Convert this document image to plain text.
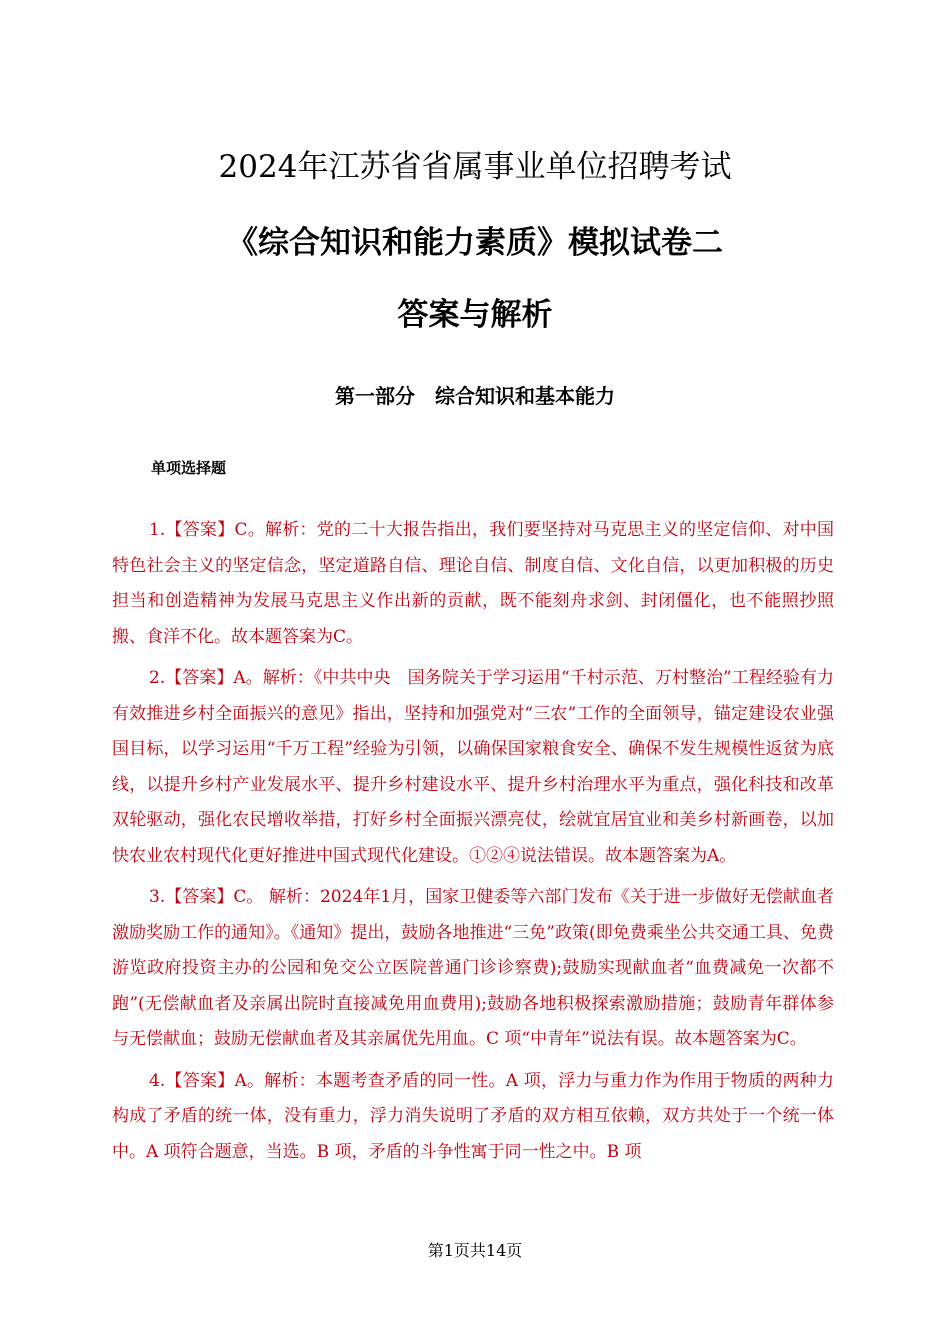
2024年江苏省省属事业单位招聘考试
《综合知识和能力素质》模拟试卷二
答案与解析
第一部分　综合知识和基本能力
单项选择题

1.【答案】C。解析：党的二十大报告指出，我们要坚持对马克思主义的坚定信仰、对中国特色社会主义的坚定信念，坚定道路自信、理论自信、制度自信、文化自信，以更加积极的历史担当和创造精神为发展马克思主义作出新的贡献，既不能刻舟求剑、封闭僵化，也不能照抄照搬、食洋不化。故本题答案为C。

2.【答案】A。解析：《中共中央　国务院关于学习运用“千村示范、万村整治”工程经验有力有效推进乡村全面振兴的意见》指出，坚持和加强党对“三农”工作的全面领导，锚定建设农业强国目标，以学习运用“千万工程”经验为引领，以确保国家粮食安全、确保不发生规模性返贫为底线，以提升乡村产业发展水平、提升乡村建设水平、提升乡村治理水平为重点，强化科技和改革双轮驱动，强化农民增收举措，打好乡村全面振兴漂亮仗，绘就宜居宜业和美乡村新画卷，以加快农业农村现代化更好推进中国式现代化建设。①②④说法错误。故本题答案为A。

3.【答案】C。 解析：2024年1月，国家卫健委等六部门发布《关于进一步做好无偿献血者激励奖励工作的通知》。《通知》提出，鼓励各地推进“三免”政策(即免费乘坐公共交通工具、免费游览政府投资主办的公园和免交公立医院普通门诊诊察费);鼓励实现献血者“血费减免一次都不跑”(无偿献血者及亲属出院时直接减免用血费用);鼓励各地积极探索激励措施；鼓励青年群体参与无偿献血；鼓励无偿献血者及其亲属优先用血。C 项“中青年”说法有误。故本题答案为C。

4.【答案】A。解析：本题考查矛盾的同一性。A 项，浮力与重力作为作用于物质的两种力构成了矛盾的统一体，没有重力，浮力消失说明了矛盾的双方相互依赖，双方共处于一个统一体中。A 项符合题意，当选。B 项，矛盾的斗争性寓于同一性之中。B 项

第1页共14页
